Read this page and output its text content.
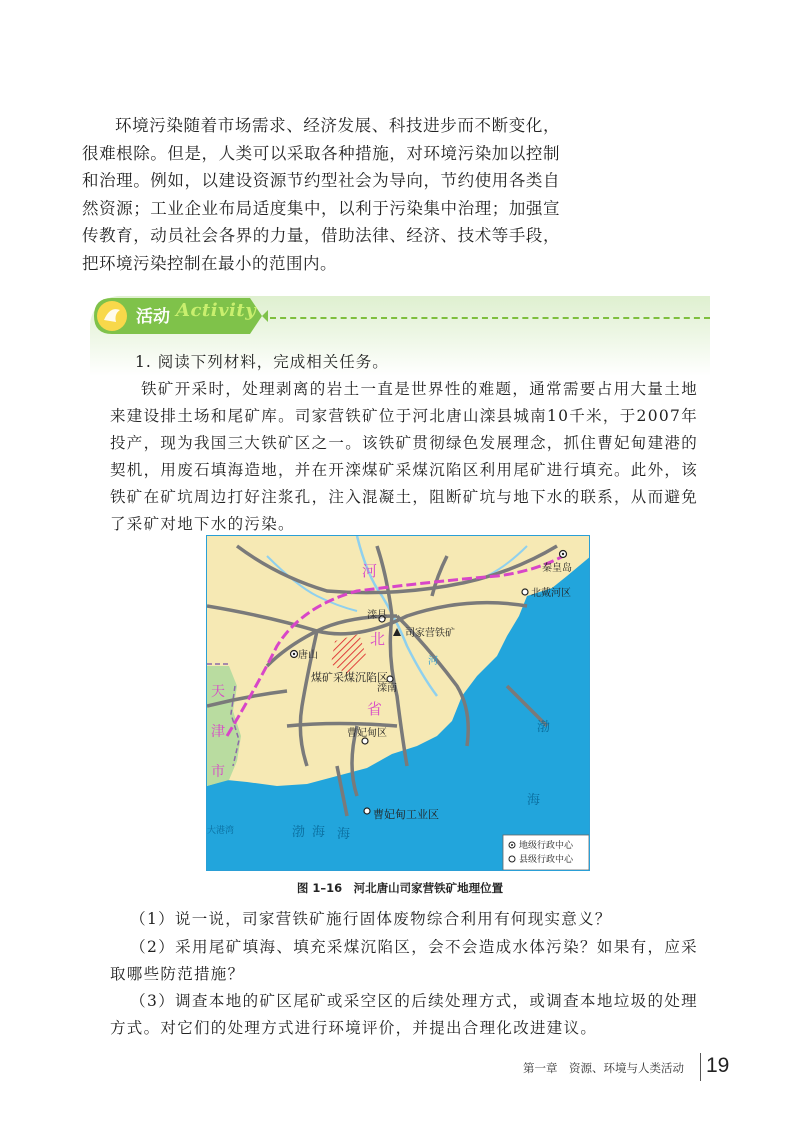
环境污染随着市场需求、经济发展、科技进步而不断变化，很难根除。但是，人类可以采取各种措施，对环境污染加以控制和治理。例如，以建设资源节约型社会为导向，节约使用各类自然资源；工业企业布局适度集中，以利于污染集中治理；加强宣传教育，动员社会各界的力量，借助法律、经济、技术等手段，把环境污染控制在最小的范围内。

活动 Activity
1. 阅读下列材料，完成相关任务。

铁矿开采时，处理剥离的岩土一直是世界性的难题，通常需要占用大量土地来建设排土场和尾矿库。司家营铁矿位于河北唐山滦县城南10千米，于2007年投产，现为我国三大铁矿区之一。该铁矿贯彻绿色发展理念，抓住曹妃甸建港的契机，用废石填海造地，并在开滦煤矿采煤沉陷区利用尾矿进行填充。此外，该铁矿在矿坑周边打好注浆孔，注入混凝土，阻断矿坑与地下水的联系，从而避免了采矿对地下水的污染。

河
北
省
天
津
市
渤
海
渤 海 海
河
秦皇岛
北戴河区
滦县
司家营铁矿
唐山
煤矿采煤沉陷区
滦南
曹妃甸区
曹妃甸工业区
大港湾
地级行政中心
县级行政中心
图 1–16　河北唐山司家营铁矿地理位置

（1）说一说，司家营铁矿施行固体废物综合利用有何现实意义？

（2）采用尾矿填海、填充采煤沉陷区，会不会造成水体污染？如果有，应采取哪些防范措施？

（3）调查本地的矿区尾矿或采空区的后续处理方式，或调查本地垃圾的处理方式。对它们的处理方式进行环境评价，并提出合理化改进建议。

第一章　资源、环境与人类活动 19
